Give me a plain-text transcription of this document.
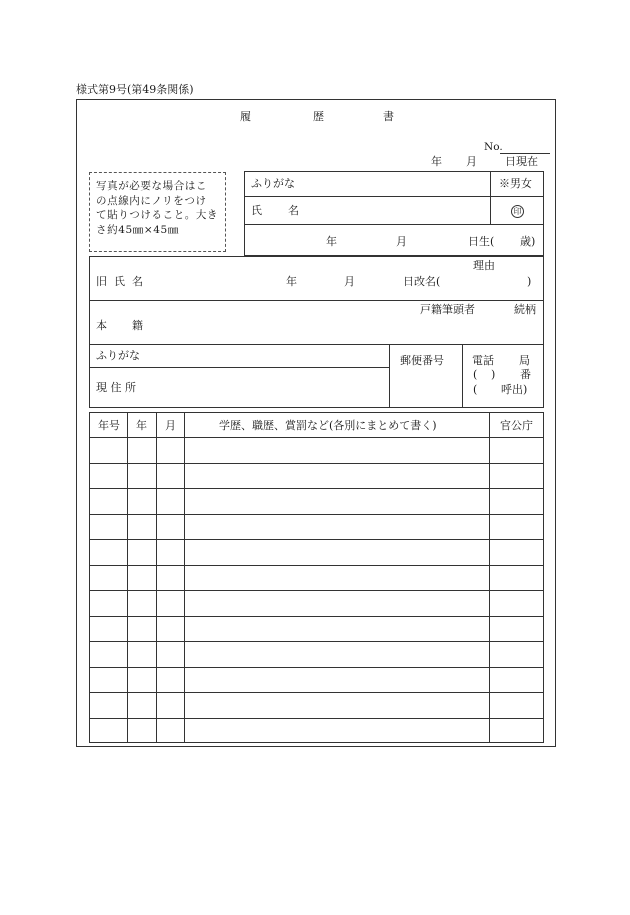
様式第9号(第49条関係)
履	歴	書
No.
年 月	日現在
写真が必要な場合はこ
の点線内にノリをつけ
て貼りつけること。大き
さ約45㎜×45㎜
ふりがな	※男女
氏 名	印
年	月	日生( 歳)
理由
旧 氏 名	年	月	日改名(	)
戸籍筆頭者	続柄
本 籍
ふりがな
現 住 所
郵便番号	電話 局
( ) 番
( 呼出)
年号 年 月	学歴、職歴、賞罰など(各別にまとめて書く)	官公庁
